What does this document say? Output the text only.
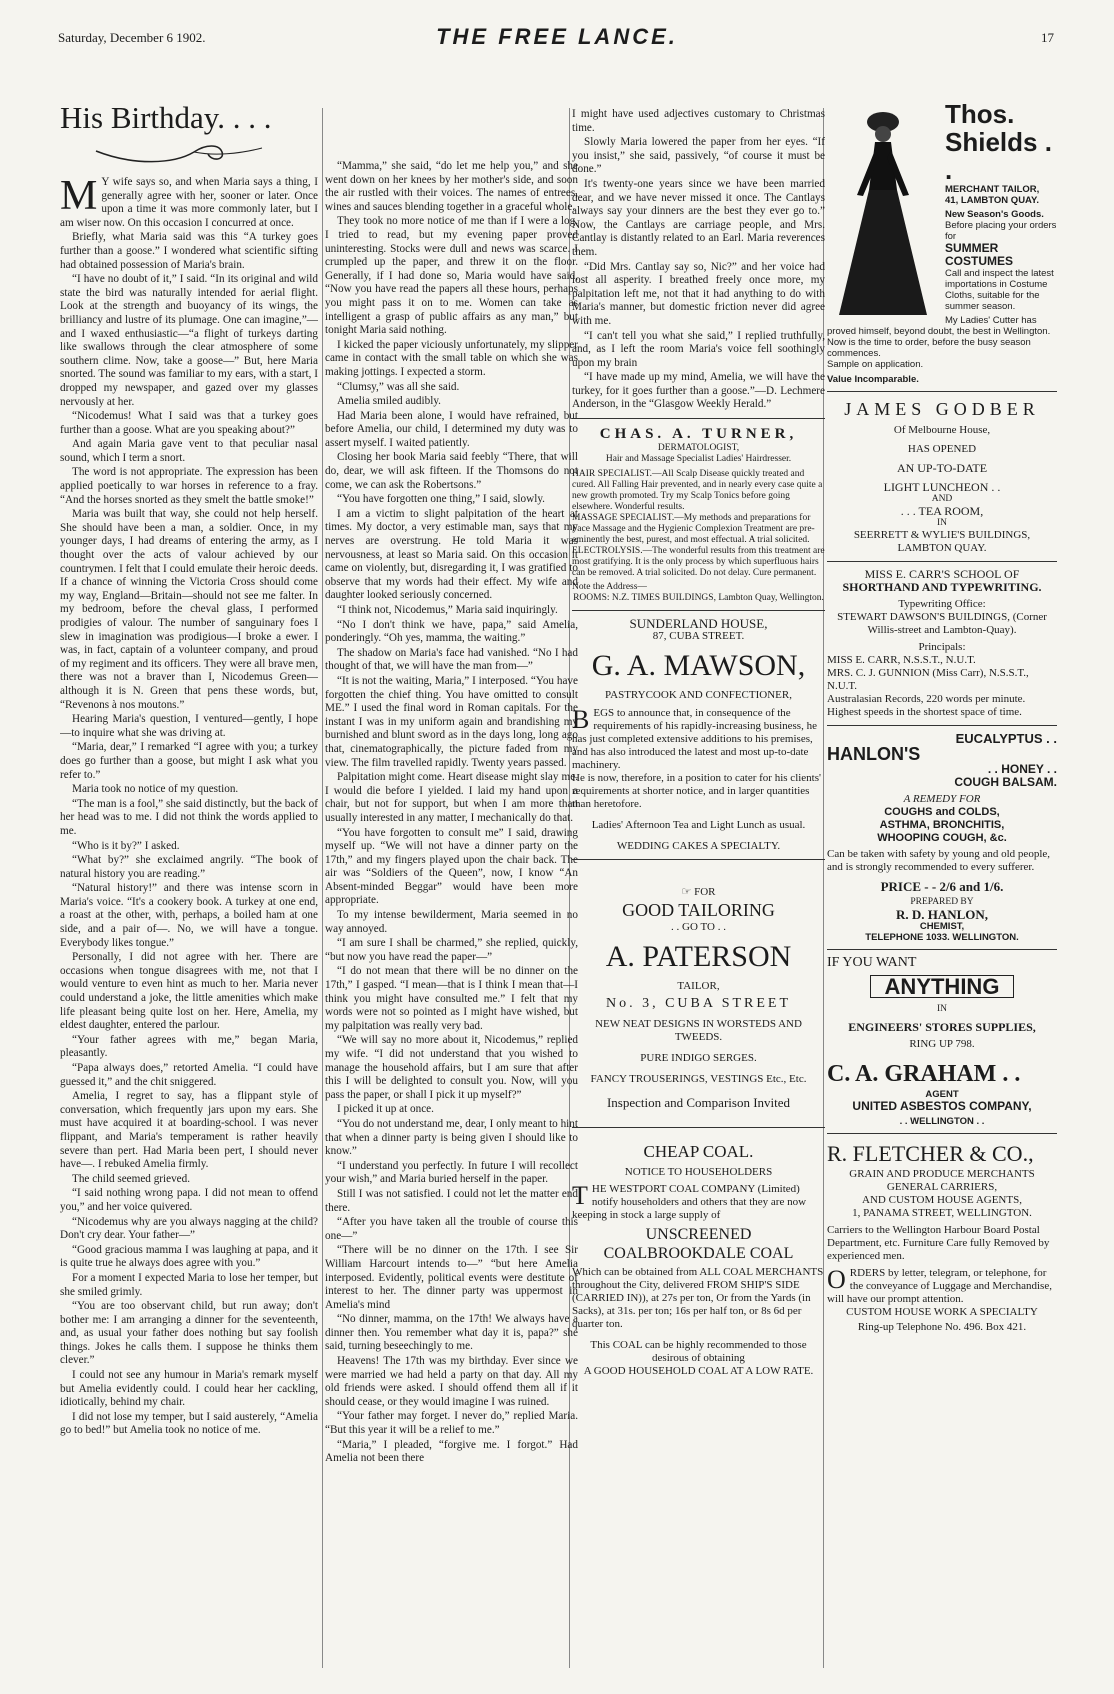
Saturday, December 6 1902.	THE FREE LANCE.	17
His Birthday. . . .
M Y wife says so, and when Maria says a thing, I generally agree with her, sooner or later. Once upon a time it was more commonly later, but I am wiser now. On this occasion I concurred at once.

Briefly, what Maria said was this “A turkey goes further than a goose.” I wondered what scientific sifting had obtained possession of Maria's brain.

“I have no doubt of it,” I said. “In its original and wild state the bird was naturally intended for aerial flight. Look at the strength and buoyancy of its wings, the brilliancy and lustre of its plumage. One can imagine,”—and I waxed enthusiastic—“a flight of turkeys darting like swallows through the clear atmosphere of some southern clime. Now, take a goose—” But, here Maria snorted. The sound was familiar to my ears, with a start, I dropped my newspaper, and gazed over my glasses nervously at her.

“Nicodemus! What I said was that a turkey goes further than a goose. What are you speaking about?”

And again Maria gave vent to that peculiar nasal sound, which I term a snort.

The word is not appropriate. The expression has been applied poetically to war horses in reference to a fray. “And the horses snorted as they smelt the battle smoke!”

Maria was built that way, she could not help herself. She should have been a man, a soldier. Once, in my younger days, I had dreams of entering the army, as I thought over the acts of valour achieved by our countrymen. I felt that I could emulate their heroic deeds. If a chance of winning the Victoria Cross should come my way, England—Britain—should not see me falter. In my bedroom, before the cheval glass, I performed prodigies of valour. The number of sanguinary foes I slew in imagination was prodigious—I broke a ewer. I was, in fact, captain of a volunteer company, and proud of my regiment and its officers. They were all brave men, there was not a braver than I, Nicodemus Green—although it is N. Green that pens these words, but, “Revenons à nos moutons.”

Hearing Maria's question, I ventured—gently, I hope—to inquire what she was driving at.

“Maria, dear,” I remarked “I agree with you; a turkey does go further than a goose, but might I ask what you refer to.”

Maria took no notice of my question.

“The man is a fool,” she said distinctly, but the back of her head was to me. I did not think the words applied to me.

“Who is it by?” I asked.

“What by?” she exclaimed angrily. “The book of natural history you are reading.”

“Natural history!” and there was intense scorn in Maria's voice. “It's a cookery book. A turkey at one end, a roast at the other, with, perhaps, a boiled ham at one side, and a pair of—. No, we will have a tongue. Everybody likes tongue.”

Personally, I did not agree with her. There are occasions when tongue disagrees with me, not that I would venture to even hint as much to her. Maria never could understand a joke, the little amenities which make life pleasant being quite lost on her. Here, Amelia, my eldest daughter, entered the parlour.

“Your father agrees with me,” began Maria, pleasantly.

“Papa always does,” retorted Amelia. “I could have guessed it,” and the chit sniggered.

Amelia, I regret to say, has a flippant style of conversation, which frequently jars upon my ears. She must have acquired it at boarding-school. I was never flippant, and Maria's temperament is rather heavily severe than pert. Had Maria been pert, I should never have—. I rebuked Amelia firmly.

The child seemed grieved.

“I said nothing wrong papa. I did not mean to offend you,” and her voice quivered.

“Nicodemus why are you always nagging at the child? Don't cry dear. Your father—”

“Good gracious mamma I was laughing at papa, and it is quite true he always does agree with you.”

For a moment I expected Maria to lose her temper, but she smiled grimly.

“You are too observant child, but run away; don't bother me: I am arranging a dinner for the seventeenth, and, as usual your father does nothing but say foolish things. Jokes he calls them. I suppose he thinks them clever.”

I could not see any humour in Maria's remark myself but Amelia evidently could. I could hear her cackling, idiotically, behind my chair.

I did not lose my temper, but I said austerely, “Amelia go to bed!” but Amelia took no notice of me.

“Mamma,” she said, “do let me help you,” and she went down on her knees by her mother's side, and soon the air rustled with their voices. The names of entrees, wines and sauces blending together in a graceful whole.

They took no more notice of me than if I were a log. I tried to read, but my evening paper proved uninteresting. Stocks were dull and news was scarce. I crumpled up the paper, and threw it on the floor. Generally, if I had done so, Maria would have said, “Now you have read the papers all these hours, perhaps you might pass it on to me. Women can take as intelligent a grasp of public affairs as any man,” but tonight Maria said nothing.

I kicked the paper viciously unfortunately, my slipper came in contact with the small table on which she was making jottings. I expected a storm.

“Clumsy,” was all she said.

Amelia smiled audibly.

Had Maria been alone, I would have refrained, but before Amelia, our child, I determined my duty was to assert myself. I waited patiently.

Closing her book Maria said feebly “There, that will do, dear, we will ask fifteen. If the Thomsons do not come, we can ask the Robertsons.”

“You have forgotten one thing,” I said, slowly.

I am a victim to slight palpitation of the heart at times. My doctor, a very estimable man, says that my nerves are overstrung. He told Maria it was nervousness, at least so Maria said. On this occasion it came on violently, but, disregarding it, I was gratified to observe that my words had their effect. My wife and daughter looked seriously concerned.

“I think not, Nicodemus,” Maria said inquiringly.

“No I don't think we have, papa,” said Amelia, ponderingly. “Oh yes, mamma, the waiting.”

The shadow on Maria's face had vanished. “No I had thought of that, we will have the man from—”

“It is not the waiting, Maria,” I interposed. “You have forgotten the chief thing. You have omitted to consult ME.” I used the final word in Roman capitals. For the instant I was in my uniform again and brandishing my burnished and blunt sword as in the days long, long ago that, cinematographically, the picture faded from my view. The film travelled rapidly. Twenty years passed.

Palpitation might come. Heart disease might slay me. I would die before I yielded. I laid my hand upon a chair, but not for support, but when I am more than usually interested in any matter, I mechanically do that.

“You have forgotten to consult me” I said, drawing myself up. “We will not have a dinner party on the 17th,” and my fingers played upon the chair back. The air was “Soldiers of the Queen”, now, I know “An Absent-minded Beggar” would have been more appropriate.

To my intense bewilderment, Maria seemed in no way annoyed.

“I am sure I shall be charmed,” she replied, quickly, “but now you have read the paper—”

“I do not mean that there will be no dinner on the 17th,” I gasped. “I mean—that is I think I mean that—I think you might have consulted me.” I felt that my words were not so pointed as I might have wished, but my palpitation was really very bad.

“We will say no more about it, Nicodemus,” replied my wife. “I did not understand that you wished to manage the household affairs, but I am sure that after this I will be delighted to consult you. Now, will you pass the paper, or shall I pick it up myself?”

I picked it up at once.

“You do not understand me, dear, I only meant to hint that when a dinner party is being given I should like to know.”

“I understand you perfectly. In future I will recollect your wish,” and Maria buried herself in the paper.

Still I was not satisfied. I could not let the matter end there.

“After you have taken all the trouble of course this one—”

“There will be no dinner on the 17th. I see Sir William Harcourt intends to—” “but here Amelia interposed. Evidently, political events were destitute of interest to her. The dinner party was uppermost in Amelia's mind

“No dinner, mamma, on the 17th! We always have a dinner then. You remember what day it is, papa?” she said, turning beseechingly to me.

Heavens! The 17th was my birthday. Ever since we were married we had held a party on that day. All my old friends were asked. I should offend them all if it should cease, or they would imagine I was ruined.

“Your father may forget. I never do,” replied Maria. “But this year it will be a relief to me.”

“Maria,” I pleaded, “forgive me. I forgot.” Had Amelia not been there

I might have used adjectives customary to Christmas time.

Slowly Maria lowered the paper from her eyes. “If you insist,” she said, passively, “of course it must be done.”

It's twenty-one years since we have been married dear, and we have never missed it once. The Cantlays always say your dinners are the best they ever go to.” Now, the Cantlays are carriage people, and Mrs. Cantlay is distantly related to an Earl. Maria reverences them.

“Did Mrs. Cantlay say so, Nic?” and her voice had lost all asperity. I breathed freely once more, my palpitation left me, not that it had anything to do with Maria's manner, but domestic friction never did agree with me.

“I can't tell you what she said,” I replied truthfully, and, as I left the room Maria's voice fell soothingly upon my brain

“I have made up my mind, Amelia, we will have the turkey, for it goes further than a goose.”—D. Lechmere Anderson, in the “Glasgow Weekly Herald.”

CHAS. A. TURNER,
DERMATOLOGIST,
Hair and Massage Specialist Ladies' Hairdresser.

HAIR SPECIALIST.—All Scalp Disease quickly treated and cured. All Falling Hair prevented, and in nearly every case quite a new growth promoted. Try my Scalp Tonics before going elsewhere. Wonderful results.

MASSAGE SPECIALIST.—My methods and preparations for Face Massage and the Hygienic Complexion Treatment are pre-eminently the best, purest, and most effectual. A trial solicited.

ELECTROLYSIS.—The wonderful results from this treatment are most gratifying. It is the only process by which superfluous hairs can be removed. A trial solicited. Do not delay. Cure permanent.

Note the Address—
ROOMS: N.Z. TIMES BUILDINGS, Lambton Quay, Wellington.
SUNDERLAND HOUSE,
87, CUBA STREET.
G. A. MAWSON,
PASTRYCOOK AND CONFECTIONER,

BEGS to announce that, in consequence of the requirements of his rapidly-increasing business, he has just completed extensive additions to his premises, and has also introduced the latest and most up-to-date machinery.

He is now, therefore, in a position to cater for his clients' requirements at shorter notice, and in larger quantities than heretofore.

Ladies' Afternoon Tea and Light Lunch as usual.

WEDDING CAKES A SPECIALTY.

☞ FOR
GOOD TAILORING
. . GO TO . .
A. PATERSON
TAILOR,
No. 3, CUBA STREET

NEW NEAT DESIGNS IN WORSTEDS AND TWEEDS.

PURE INDIGO SERGES.

FANCY TROUSERINGS, VESTINGS Etc., Etc.

Inspection and Comparison Invited

CHEAP COAL.
NOTICE TO HOUSEHOLDERS

THE WESTPORT COAL COMPANY (Limited) notify householders and others that they are now keeping in stock a large supply of

UNSCREENED
COALBROOKDALE COAL

Which can be obtained from ALL COAL MERCHANTS throughout the City, delivered FROM SHIP'S SIDE (CARRIED IN)), at 27s per ton, Or from the Yards (in Sacks), at 31s. per ton; 16s per half ton, or 8s 6d per quarter ton.

This COAL can be highly recommended to those desirous of obtaining

A GOOD HOUSEHOLD COAL AT A LOW RATE.

Thos. Shields . .
MERCHANT TAILOR,
41, LAMBTON QUAY.
New Season's Goods.
Before placing your orders for
SUMMER COSTUMES
Call and inspect the latest importations in Costume Cloths, suitable for the summer season.
My Ladies' Cutter has proved himself, beyond doubt, the best in Wellington.
Now is the time to order, before the busy season commences.
Sample on application.
Value Incomparable.
JAMES GODBER
Of Melbourne House,
HAS OPENED
AN UP-TO-DATE
LIGHT LUNCHEON . .
AND
. . . TEA ROOM,
IN
SEERRETT & WYLIE'S BUILDINGS,
LAMBTON QUAY.
MISS E. CARR'S SCHOOL OF
SHORTHAND AND TYPEWRITING.
Typewriting Office:
STEWART DAWSON'S BUILDINGS, (Corner Willis-street and Lambton-Quay).
Principals:
MISS E. CARR, N.S.S.T., N.U.T.
MRS. C. J. GUNNION (Miss Carr), N.S.S.T., N.U.T.
Australasian Records, 220 words per minute. Highest speeds in the shortest space of time.
EUCALYPTUS . .
HANLON'S
. . HONEY . .
COUGH BALSAM.
A REMEDY FOR
COUGHS and COLDS,
ASTHMA, BRONCHITIS,
WHOOPING COUGH, &c.

Can be taken with safety by young and old people, and is strongly recommended to every sufferer.

PRICE - - 2/6 and 1/6.
PREPARED BY
R. D. HANLON,
CHEMIST,
TELEPHONE 1033. WELLINGTON.
IF YOU WANT
ANYTHING
IN
ENGINEERS' STORES SUPPLIES,
RING UP 798.
C. A. GRAHAM . .
AGENT
UNITED ASBESTOS COMPANY,
. . WELLINGTON . .
R. FLETCHER & CO.,
GRAIN AND PRODUCE MERCHANTS
GENERAL CARRIERS,
AND CUSTOM HOUSE AGENTS,
1, PANAMA STREET, WELLINGTON.

Carriers to the Wellington Harbour Board Postal Department, etc. Furniture Care fully Removed by experienced men.

ORDERS by letter, telegram, or telephone, for the conveyance of Luggage and Merchandise, will have our prompt attention.

CUSTOM HOUSE WORK A SPECIALTY
Ring-up Telephone No. 496. Box 421.
